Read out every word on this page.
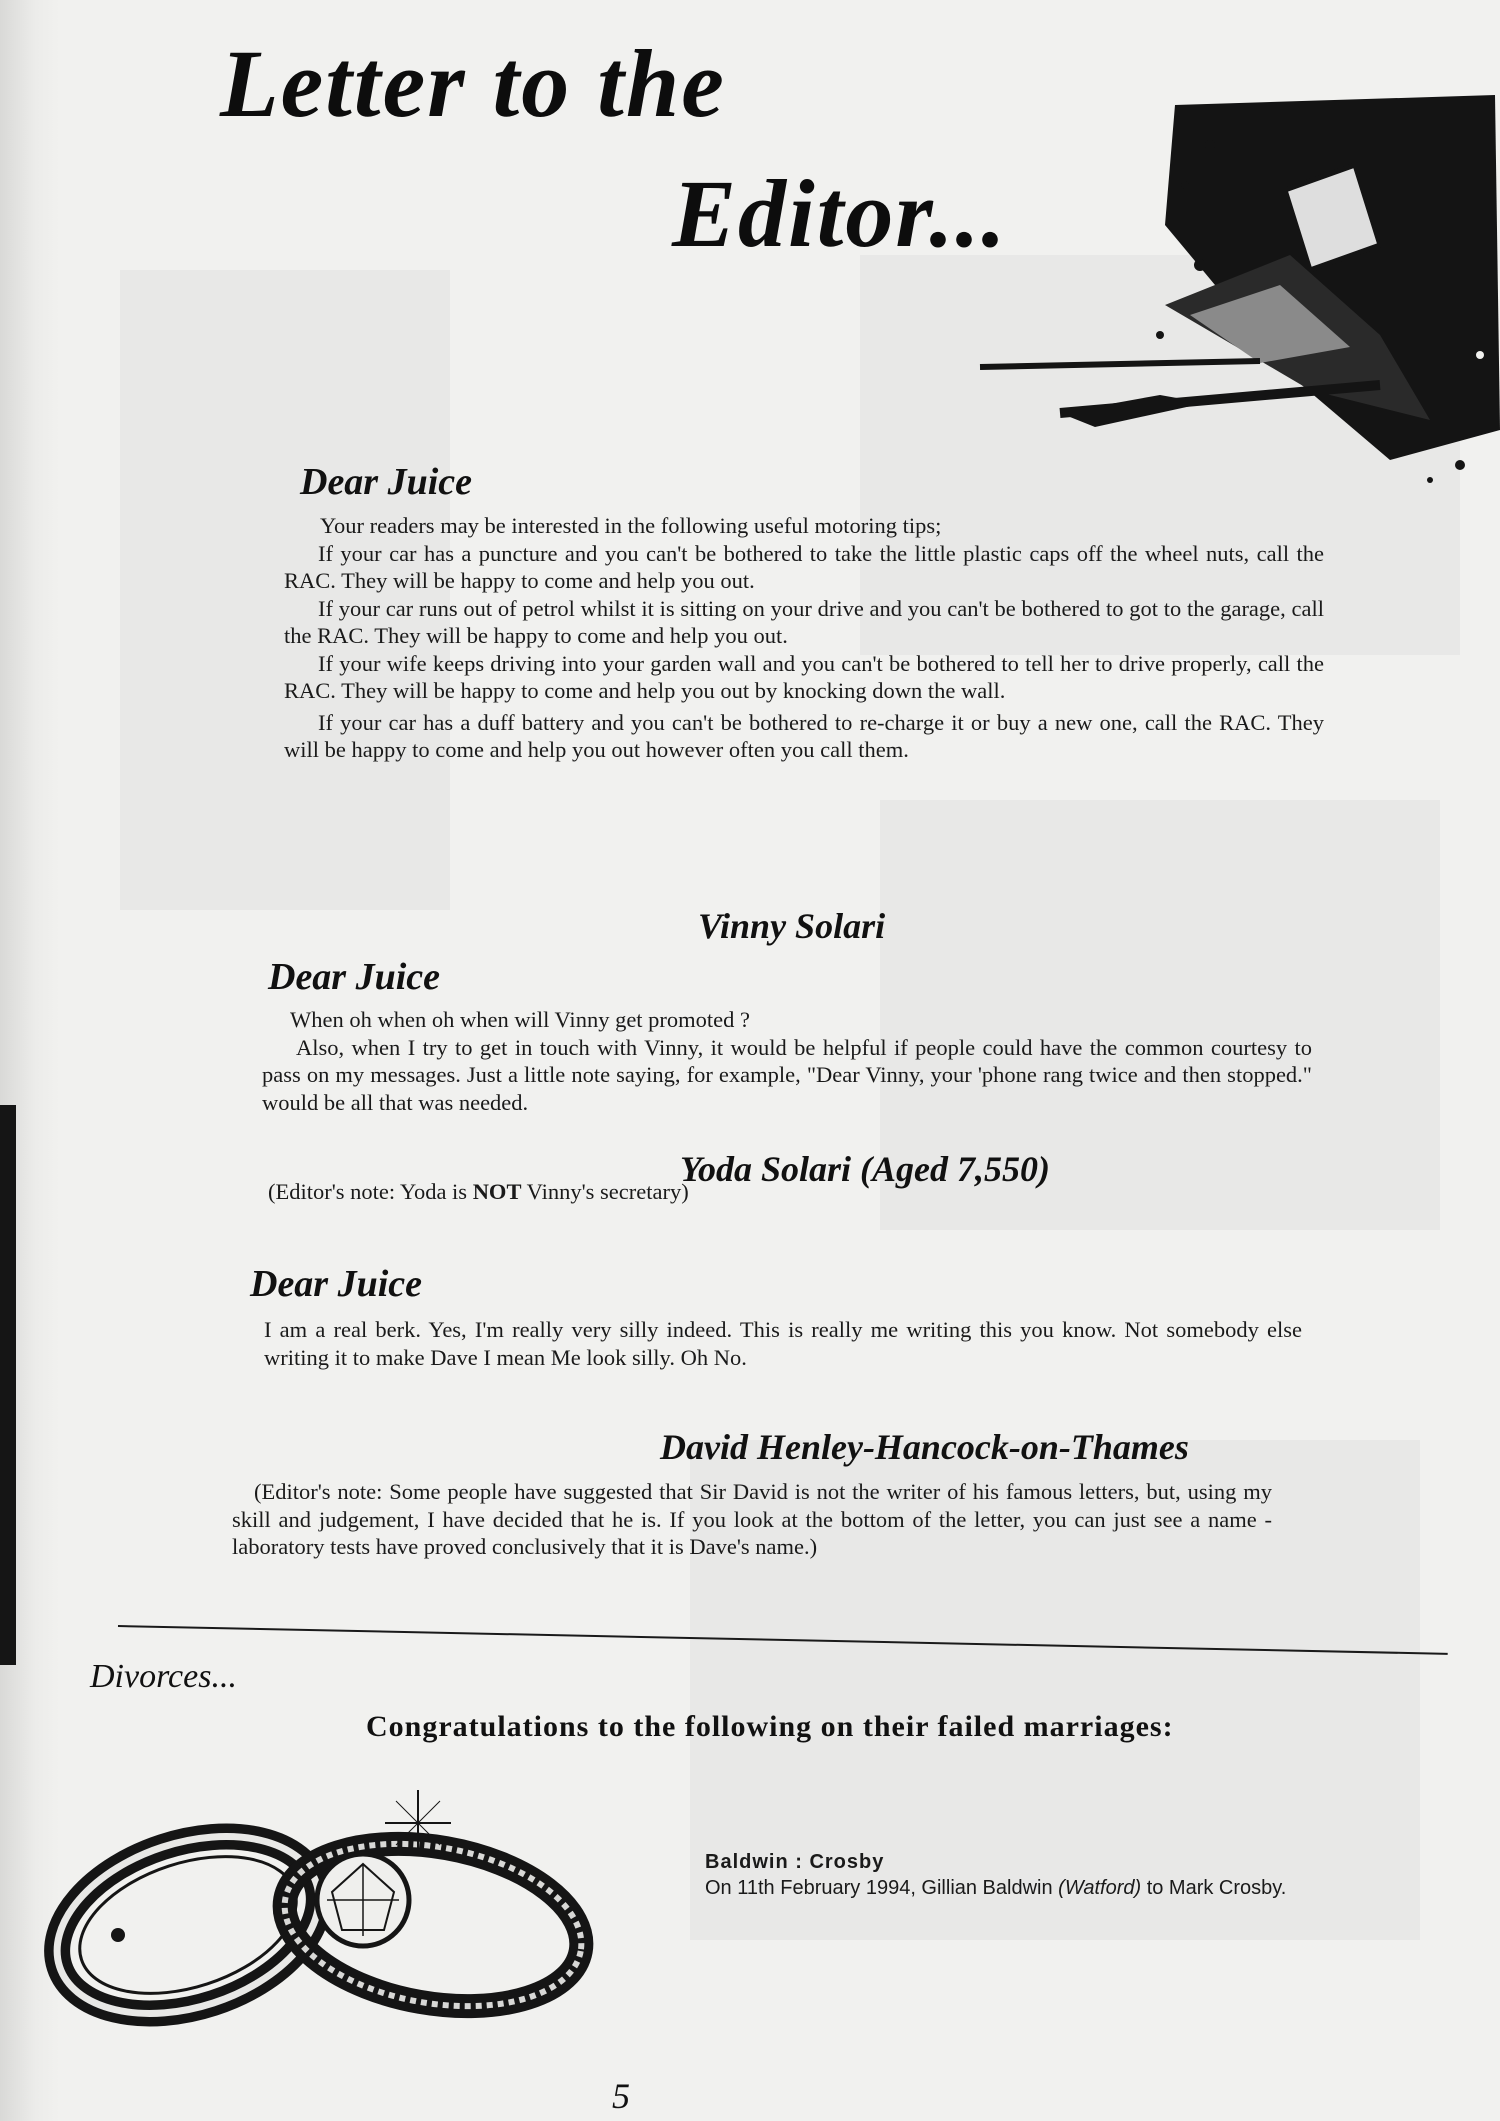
Letter to the
Editor...
Dear Juice

Your readers may be interested in the following useful motoring tips;

If your car has a puncture and you can't be bothered to take the little plastic caps off the wheel nuts, call the RAC. They will be happy to come and help you out.

If your car runs out of petrol whilst it is sitting on your drive and you can't be bothered to got to the garage, call the RAC. They will be happy to come and help you out.

If your wife keeps driving into your garden wall and you can't be bothered to tell her to drive properly, call the RAC. They will be happy to come and help you out by knocking down the wall.

If your car has a duff battery and you can't be bothered to re-charge it or buy a new one, call the RAC. They will be happy to come and help you out however often you call them.

Vinny Solari
Dear Juice

When oh when oh when will Vinny get promoted ?

Also, when I try to get in touch with Vinny, it would be helpful if people could have the common courtesy to pass on my messages. Just a little note saying, for example, "Dear Vinny, your 'phone rang twice and then stopped." would be all that was needed.

Yoda Solari (Aged 7,550)

(Editor's note: Yoda is NOT Vinny's secretary)

Dear Juice

I am a real berk. Yes, I'm really very silly indeed. This is really me writing this you know. Not somebody else writing it to make Dave I mean Me look silly. Oh No.

David Henley-Hancock-on-Thames

(Editor's note: Some people have suggested that Sir David is not the writer of his famous letters, but, using my skill and judgement, I have decided that he is. If you look at the bottom of the letter, you can just see a name - laboratory tests have proved conclusively that it is Dave's name.)

Divorces...
Congratulations to the following on their failed marriages:
Baldwin : Crosby
On 11th February 1994, Gillian Baldwin (Watford) to Mark Crosby.
5
